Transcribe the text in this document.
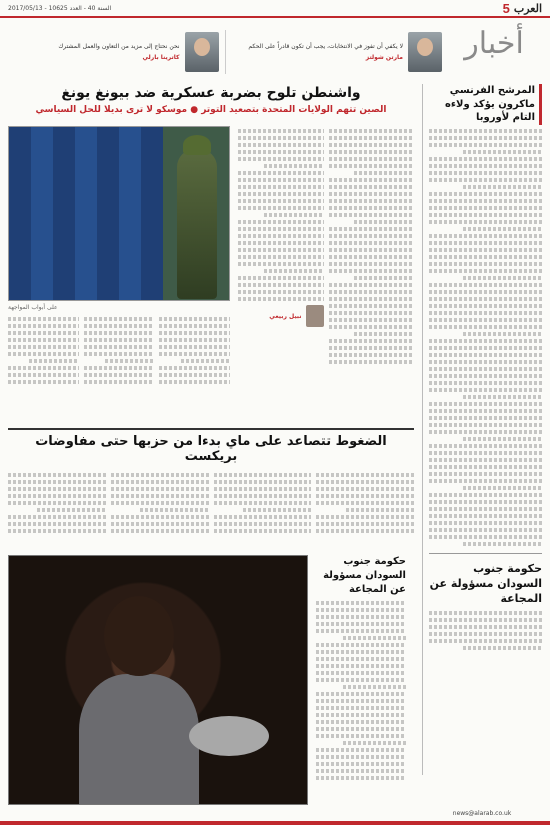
5 العرب
السنة 40 - العدد 10625 - 2017/05/13
أخبار
لا يكفي أن تفوز في الانتخابات، يجب أن تكون قادراً على الحكم
مارتن شولتز
نحن نحتاج إلى مزيد من التعاون والعمل المشترك
كاترينا بارلي
المرشح الفرنسي ماكرون يؤكد ولاءه التام لأوروبا
حكومة جنوب السودان مسؤولة عن المجاعة
واشنطن تلوح بضربة عسكرية ضد بيونغ يونغ
الصين تتهم الولايات المتحدة بتصعيد التوتر ● موسكو لا ترى بديلا للحل السياسي
على أبواب المواجهة
نبيل ربيعي
الضغوط تتصاعد على ماي بدءا من حزبها حتى مفاوضات بريكست
حكومة جنوب السودان مسؤولة عن المجاعة
news@alarab.co.uk
